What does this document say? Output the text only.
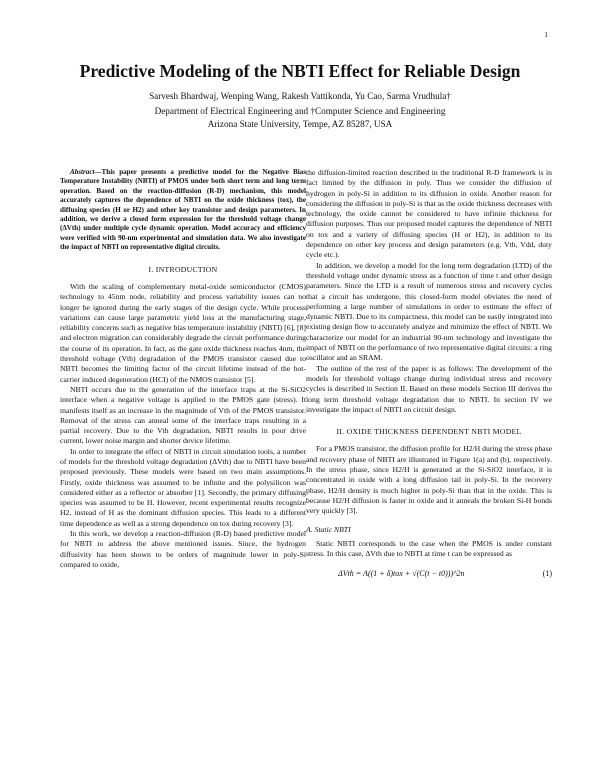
1
Predictive Modeling of the NBTI Effect for Reliable Design
Sarvesh Bhardwaj, Wenping Wang, Rakesh Vattikonda, Yu Cao, Sarma Vrudhula†
Department of Electrical Engineering and †Computer Science and Engineering
Arizona State University, Tempe, AZ 85287, USA

Abstract—This paper presents a predictive model for the Negative Bias Temperature Instability (NBTI) of PMOS under both short term and long term operation. Based on the reaction-diffusion (R-D) mechanism, this model accurately captures the dependence of NBTI on the oxide thickness (tox), the diffusing species (H or H2) and other key transistor and design parameters. In addition, we derive a closed form expression for the threshold voltage change (ΔVth) under multiple cycle dynamic operation. Model accuracy and efficiency were verified with 90-nm experimental and simulation data. We also investigate the impact of NBTI on representative digital circuits.

I. INTRODUCTION

With the scaling of complementary metal-oxide semiconductor (CMOS) technology to 45nm node, reliability and process variability issues can no longer be ignored during the early stages of the design cycle. While process variations can cause large parametric yield loss at the manufacturing stage, reliability concerns such as negative bias temperature instability (NBTI) [6], [8] and electron migration can considerably degrade the circuit performance during the course of its operation. In fact, as the gate oxide thickness reaches 4nm, the threshold voltage (Vth) degradation of the PMOS transistor caused due to NBTI becomes the limiting factor of the circuit lifetime instead of the hot-carrier induced degeneration (HCI) of the NMOS transistor [5].

NBTI occurs due to the generation of the interface traps at the Si-SiO2 interface when a negative voltage is applied to the PMOS gate (stress). It manifests itself as an increase in the magnitude of Vth of the PMOS transistor. Removal of the stress can anneal some of the interface traps resulting in a partial recovery. Due to the Vth degradation, NBTI results in poor drive current, lower noise margin and shorter device lifetime.

In order to integrate the effect of NBTI in circuit simulation tools, a number of models for the threshold voltage degradation (ΔVth) due to NBTI have been proposed previously. These models were based on two main assumptions. Firstly, oxide thickness was assumed to be infinite and the polysilicon was considered either as a reflector or absorber [1]. Secondly, the primary diffusing species was assumed to be H. However, recent experimental results recognize H2, instead of H as the dominant diffusion species. This leads to a different time dependence as well as a strong dependence on tox during recovery [3].

In this work, we develop a reaction-diffusion (R-D) based predictive model for NBTI to address the above mentioned issues. Since, the hydrogen diffusivity has been shown to be orders of magnitude lower in poly-Si compared to oxide,

the diffusion-limited reaction described in the traditional R-D framework is in fact limited by the diffusion in poly. Thus we consider the diffusion of hydrogen in poly-Si in addition to its diffusion in oxide. Another reason for considering the diffusion in poly-Si is that as the oxide thickness decreases with technology, the oxide cannot be considered to have infinite thickness for diffusion purposes. Thus our proposed model captures the dependence of NBTI on tox and a variety of diffusing species (H or H2), in addition to its dependence on other key process and design parameters (e.g. Vth, Vdd, duty cycle etc.).

In addition, we develop a model for the long term degradation (LTD) of the threshold voltage under dynamic stress as a function of time t and other design parameters. Since the LTD is a result of numerous stress and recovery cycles that a circuit has undergone, this closed-form model obviates the need of performing a large number of simulations in order to estimate the effect of dynamic NBTI. Due to its compactness, this model can be easily integrated into existing design flow to accurately analyze and minimize the effect of NBTI. We characterize our model for an industrial 90-nm technology and investigate the impact of NBTI on the performance of two representative digital circuits: a ring oscillator and an SRAM.

The outline of the rest of the paper is as follows: The development of the models for threshold voltage change during individual stress and recovery cycles is described in Section II. Based on these models Section III derives the long term threshold voltage degradation due to NBTI. In section IV we investigate the impact of NBTI on circuit design.

II. OXIDE THICKNESS DEPENDENT NBTI MODEL

For a PMOS transistor, the diffusion profile for H2/H during the stress phase and recovery phase of NBTI are illustrated in Figure 1(a) and (b), respectively. In the stress phase, since H2/H is generated at the Si-SiO2 interface, it is concentrated in oxide with a long diffusion tail in poly-Si. In the recovery phase, H2/H density is much higher in poly-Si than that in the oxide. This is because H2/H diffusion is faster in oxide and it anneals the broken Si-H bonds very quickly [3].

A. Static NBTI

Static NBTI corresponds to the case when the PMOS is under constant stress. In this case, ΔVth due to NBTI at time t can be expressed as

ΔVth = A((1 + δ)tox + √(C(t − t0)))^2n	(1)
